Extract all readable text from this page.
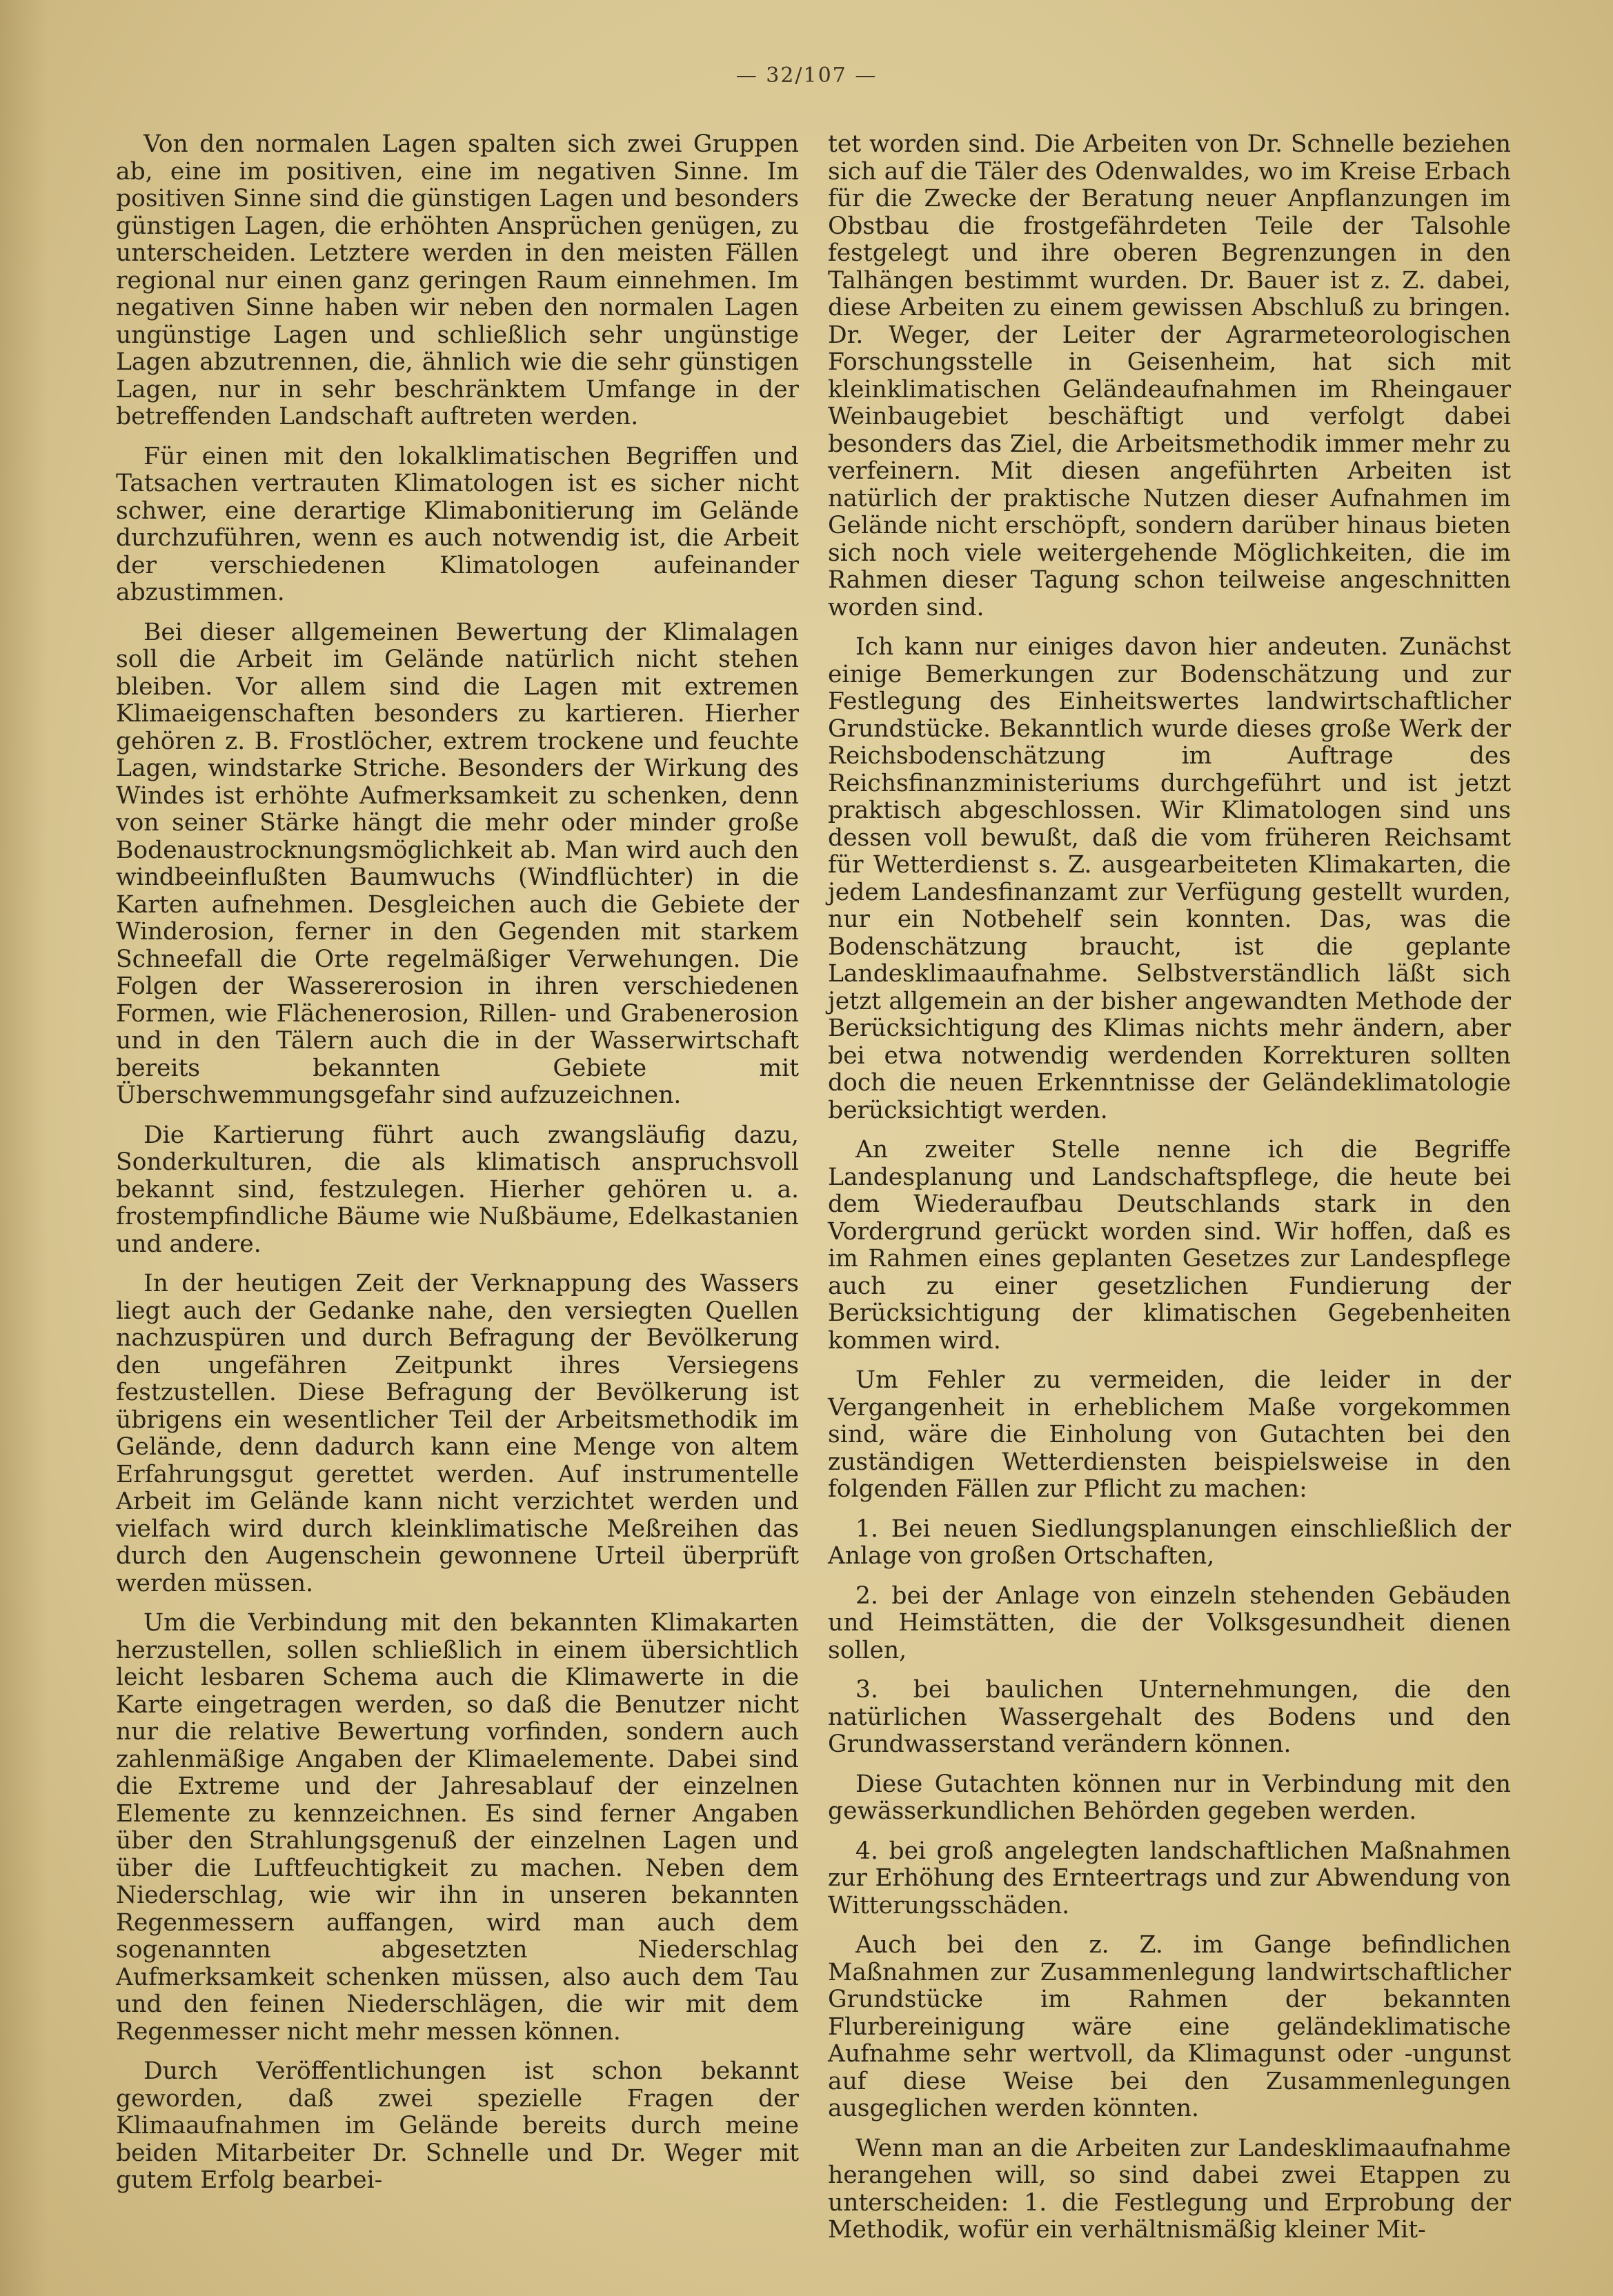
— 32/107 —

Von den normalen Lagen spalten sich zwei Gruppen ab, eine im positiven, eine im negativen Sinne. Im positiven Sinne sind die günstigen Lagen und besonders günstigen Lagen, die erhöhten Ansprüchen genügen, zu unterscheiden. Letztere werden in den meisten Fällen regional nur einen ganz geringen Raum einnehmen. Im negativen Sinne haben wir neben den normalen Lagen ungünstige Lagen und schließlich sehr ungünstige Lagen abzutrennen, die, ähnlich wie die sehr günstigen Lagen, nur in sehr beschränktem Umfange in der betreffenden Landschaft auftreten werden.

Für einen mit den lokalklimatischen Begriffen und Tatsachen vertrauten Klimatologen ist es sicher nicht schwer, eine derartige Klimabonitierung im Gelände durchzuführen, wenn es auch notwendig ist, die Arbeit der verschiedenen Klimatologen aufeinander abzustimmen.

Bei dieser allgemeinen Bewertung der Klimalagen soll die Arbeit im Gelände natürlich nicht stehen bleiben. Vor allem sind die Lagen mit extremen Klimaeigenschaften besonders zu kartieren. Hierher gehören z. B. Frostlöcher, extrem trockene und feuchte Lagen, windstarke Striche. Besonders der Wirkung des Windes ist erhöhte Aufmerksamkeit zu schenken, denn von seiner Stärke hängt die mehr oder minder große Bodenaustrocknungsmöglichkeit ab. Man wird auch den windbeeinflußten Baumwuchs (Windflüchter) in die Karten aufnehmen. Desgleichen auch die Gebiete der Winderosion, ferner in den Gegenden mit starkem Schneefall die Orte regelmäßiger Verwehungen. Die Folgen der Wassererosion in ihren verschiedenen Formen, wie Flächenerosion, Rillen- und Grabenerosion und in den Tälern auch die in der Wasserwirtschaft bereits bekannten Gebiete mit Überschwemmungsgefahr sind aufzuzeichnen.

Die Kartierung führt auch zwangsläufig dazu, Sonderkulturen, die als klimatisch anspruchsvoll bekannt sind, festzulegen. Hierher gehören u. a. frostempfindliche Bäume wie Nußbäume, Edelkastanien und andere.

In der heutigen Zeit der Verknappung des Wassers liegt auch der Gedanke nahe, den versiegten Quellen nachzuspüren und durch Befragung der Bevölkerung den ungefähren Zeitpunkt ihres Versiegens festzustellen. Diese Befragung der Bevölkerung ist übrigens ein wesentlicher Teil der Arbeitsmethodik im Gelände, denn dadurch kann eine Menge von altem Erfahrungsgut gerettet werden. Auf instrumentelle Arbeit im Gelände kann nicht verzichtet werden und vielfach wird durch kleinklimatische Meßreihen das durch den Augenschein gewonnene Urteil überprüft werden müssen.

Um die Verbindung mit den bekannten Klimakarten herzustellen, sollen schließlich in einem übersichtlich leicht lesbaren Schema auch die Klimawerte in die Karte eingetragen werden, so daß die Benutzer nicht nur die relative Bewertung vorfinden, sondern auch zahlenmäßige Angaben der Klimaelemente. Dabei sind die Extreme und der Jahresablauf der einzelnen Elemente zu kennzeichnen. Es sind ferner Angaben über den Strahlungsgenuß der einzelnen Lagen und über die Luftfeuchtigkeit zu machen. Neben dem Niederschlag, wie wir ihn in unseren bekannten Regenmessern auffangen, wird man auch dem sogenannten abgesetzten Niederschlag Aufmerksamkeit schenken müssen, also auch dem Tau und den feinen Niederschlägen, die wir mit dem Regenmesser nicht mehr messen können.

Durch Veröffentlichungen ist schon bekannt geworden, daß zwei spezielle Fragen der Klimaaufnahmen im Gelände bereits durch meine beiden Mitarbeiter Dr. Schnelle und Dr. Weger mit gutem Erfolg bearbei-

tet worden sind. Die Arbeiten von Dr. Schnelle beziehen sich auf die Täler des Odenwaldes, wo im Kreise Erbach für die Zwecke der Beratung neuer Anpflanzungen im Obstbau die frostgefährdeten Teile der Talsohle festgelegt und ihre oberen Begrenzungen in den Talhängen bestimmt wurden. Dr. Bauer ist z. Z. dabei, diese Arbeiten zu einem gewissen Abschluß zu bringen. Dr. Weger, der Leiter der Agrarmeteorologischen Forschungsstelle in Geisenheim, hat sich mit kleinklimatischen Geländeaufnahmen im Rheingauer Weinbaugebiet beschäftigt und verfolgt dabei besonders das Ziel, die Arbeitsmethodik immer mehr zu verfeinern. Mit diesen angeführten Arbeiten ist natürlich der praktische Nutzen dieser Aufnahmen im Gelände nicht erschöpft, sondern darüber hinaus bieten sich noch viele weitergehende Möglichkeiten, die im Rahmen dieser Tagung schon teilweise angeschnitten worden sind.

Ich kann nur einiges davon hier andeuten. Zunächst einige Bemerkungen zur Bodenschätzung und zur Festlegung des Einheitswertes landwirtschaftlicher Grundstücke. Bekanntlich wurde dieses große Werk der Reichsbodenschätzung im Auftrage des Reichsfinanzministeriums durchgeführt und ist jetzt praktisch abgeschlossen. Wir Klimatologen sind uns dessen voll bewußt, daß die vom früheren Reichsamt für Wetterdienst s. Z. ausgearbeiteten Klimakarten, die jedem Landesfinanzamt zur Verfügung gestellt wurden, nur ein Notbehelf sein konnten. Das, was die Bodenschätzung braucht, ist die geplante Landesklimaaufnahme. Selbstverständlich läßt sich jetzt allgemein an der bisher angewandten Methode der Berücksichtigung des Klimas nichts mehr ändern, aber bei etwa notwendig werdenden Korrekturen sollten doch die neuen Erkenntnisse der Geländeklimatologie berücksichtigt werden.

An zweiter Stelle nenne ich die Begriffe Landesplanung und Landschaftspflege, die heute bei dem Wiederaufbau Deutschlands stark in den Vordergrund gerückt worden sind. Wir hoffen, daß es im Rahmen eines geplanten Gesetzes zur Landespflege auch zu einer gesetzlichen Fundierung der Berücksichtigung der klimatischen Gegebenheiten kommen wird.

Um Fehler zu vermeiden, die leider in der Vergangenheit in erheblichem Maße vorgekommen sind, wäre die Einholung von Gutachten bei den zuständigen Wetterdiensten beispielsweise in den folgenden Fällen zur Pflicht zu machen:

1. Bei neuen Siedlungsplanungen einschließlich der Anlage von großen Ortschaften,

2. bei der Anlage von einzeln stehenden Gebäuden und Heimstätten, die der Volksgesundheit dienen sollen,

3. bei baulichen Unternehmungen, die den natürlichen Wassergehalt des Bodens und den Grundwasserstand verändern können.

Diese Gutachten können nur in Verbindung mit den gewässerkundlichen Behörden gegeben werden.

4. bei groß angelegten landschaftlichen Maßnahmen zur Erhöhung des Ernteertrags und zur Abwendung von Witterungsschäden.

Auch bei den z. Z. im Gange befindlichen Maßnahmen zur Zusammenlegung landwirtschaftlicher Grundstücke im Rahmen der bekannten Flurbereinigung wäre eine geländeklimatische Aufnahme sehr wertvoll, da Klimagunst oder -ungunst auf diese Weise bei den Zusammenlegungen ausgeglichen werden könnten.

Wenn man an die Arbeiten zur Landesklimaaufnahme herangehen will, so sind dabei zwei Etappen zu unterscheiden: 1. die Festlegung und Erprobung der Methodik, wofür ein verhältnismäßig kleiner Mit-
